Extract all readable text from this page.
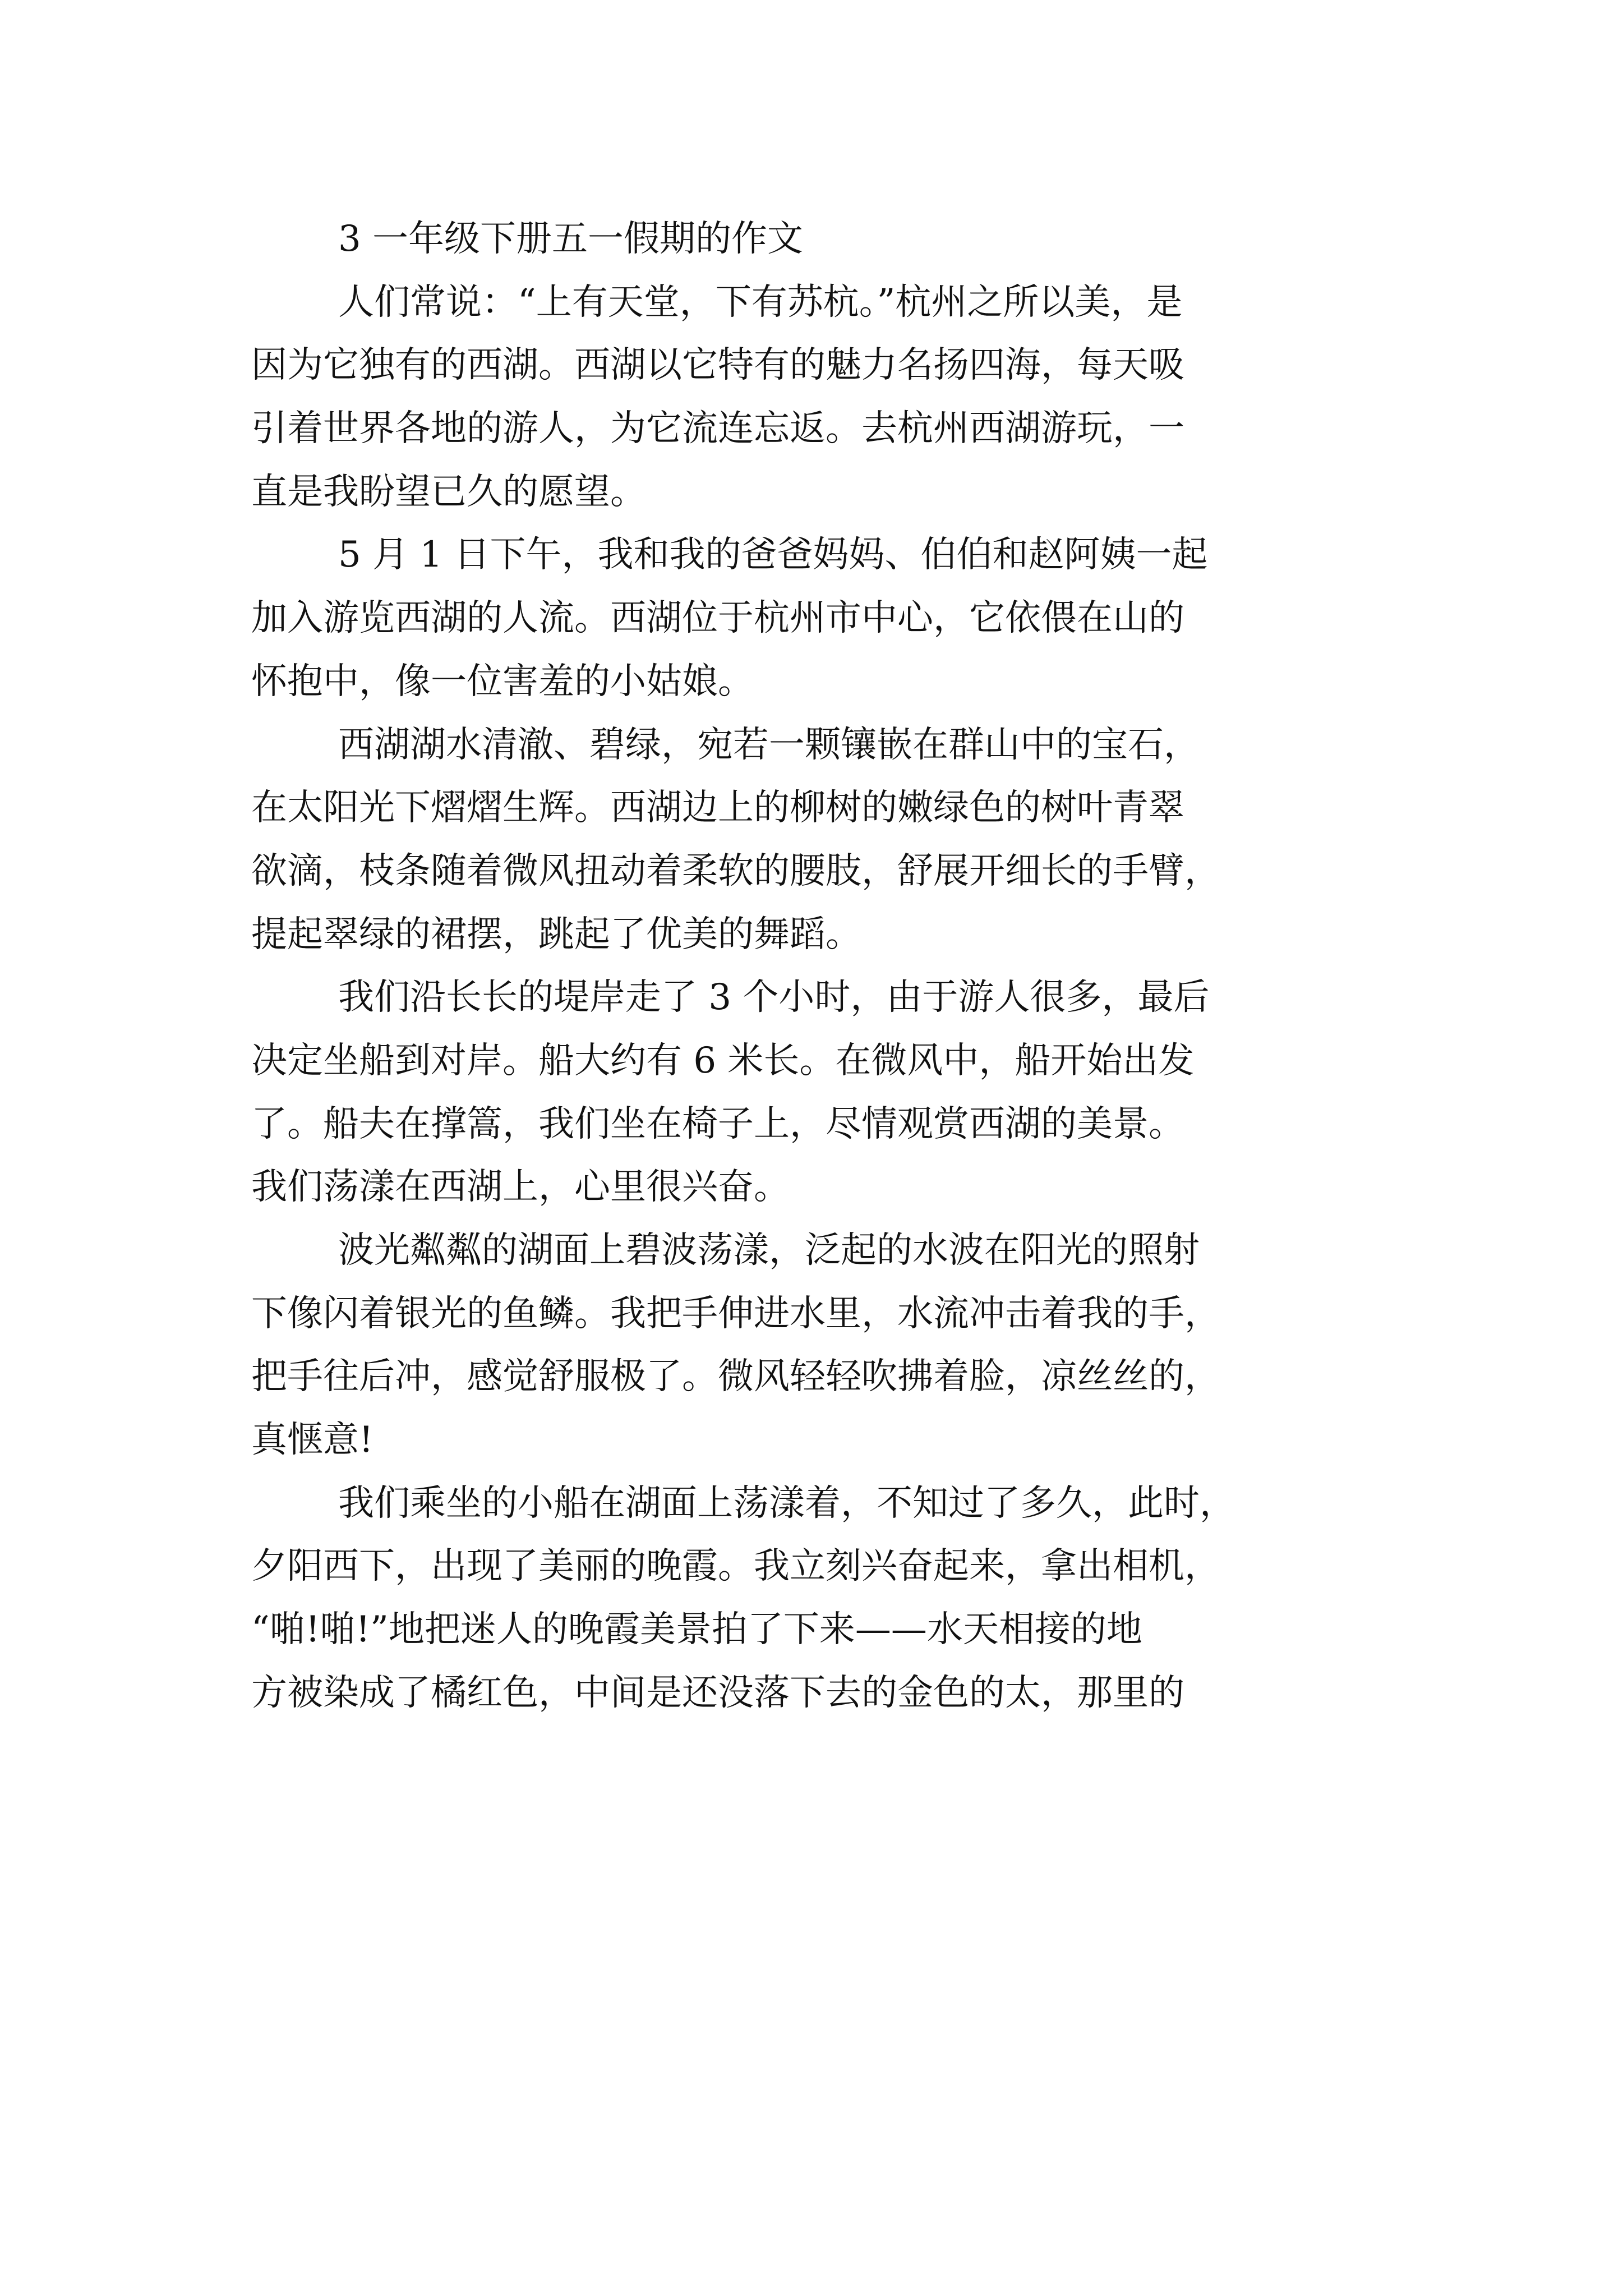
3 一年级下册五一假期的作文
人们常说：“上有天堂，下有苏杭。”杭州之所以美，是
因为它独有的西湖。西湖以它特有的魅力名扬四海，每天吸
引着世界各地的游人，为它流连忘返。去杭州西湖游玩，一
直是我盼望已久的愿望。
5 月 1 日下午，我和我的爸爸妈妈、伯伯和赵阿姨一起
加入游览西湖的人流。西湖位于杭州市中心，它依偎在山的
怀抱中，像一位害羞的小姑娘。
西湖湖水清澈、碧绿，宛若一颗镶嵌在群山中的宝石，
在太阳光下熠熠生辉。西湖边上的柳树的嫩绿色的树叶青翠
欲滴，枝条随着微风扭动着柔软的腰肢，舒展开细长的手臂，
提起翠绿的裙摆，跳起了优美的舞蹈。
我们沿长长的堤岸走了 3 个小时，由于游人很多，最后
决定坐船到对岸。船大约有 6 米长。在微风中，船开始出发
了。船夫在撑篙，我们坐在椅子上，尽情观赏西湖的美景。
我们荡漾在西湖上，心里很兴奋。
波光粼粼的湖面上碧波荡漾，泛起的水波在阳光的照射
下像闪着银光的鱼鳞。我把手伸进水里，水流冲击着我的手，
把手往后冲，感觉舒服极了。微风轻轻吹拂着脸，凉丝丝的，
真惬意!
我们乘坐的小船在湖面上荡漾着，不知过了多久，此时，
夕阳西下，出现了美丽的晚霞。我立刻兴奋起来，拿出相机，
“啪!啪!”地把迷人的晚霞美景拍了下来——水天相接的地
方被染成了橘红色，中间是还没落下去的金色的太，那里的
